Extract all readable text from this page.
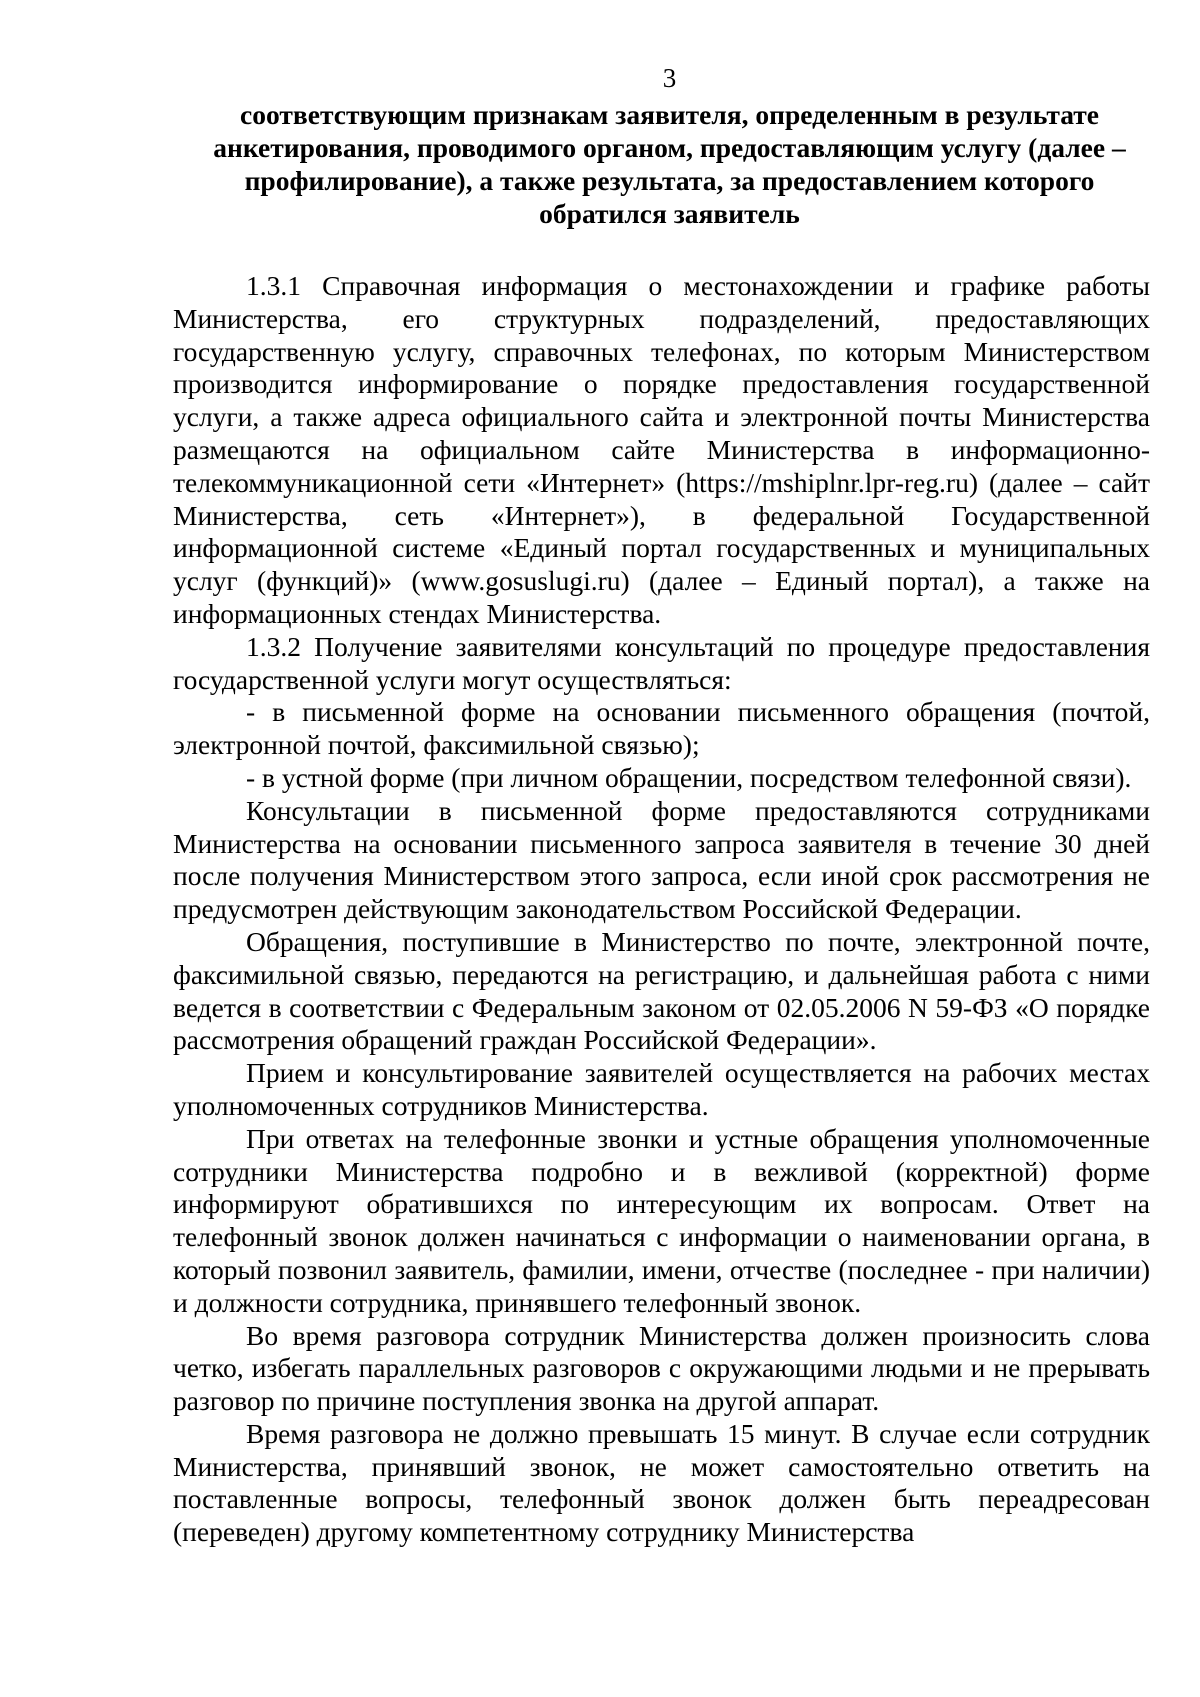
3
соответствующим признакам заявителя, определенным в результате
анкетирования, проводимого органом, предоставляющим услугу (далее –
профилирование), а также результата, за предоставлением которого
обратился заявитель

1.3.1 Справочная информация о местонахождении и графике работы Министерства, его структурных подразделений, предоставляющих государственную услугу, справочных телефонах, по которым Министерством производится информирование о порядке предоставления государственной услуги, а также адреса официального сайта и электронной почты Министерства размещаются на официальном сайте Министерства в информационно-телекоммуникационной сети «Интернет» (https://mshiplnr.lpr-reg.ru) (далее – сайт Министерства, сеть «Интернет»), в федеральной Государственной информационной системе «Единый портал государственных и муниципальных услуг (функций)» (www.gosuslugi.ru) (далее – Единый портал), а также на информационных стендах Министерства.

1.3.2 Получение заявителями консультаций по процедуре предоставления государственной услуги могут осуществляться:

- в письменной форме на основании письменного обращения (почтой, электронной почтой, факсимильной связью);

- в устной форме (при личном обращении, посредством телефонной связи).

Консультации в письменной форме предоставляются сотрудниками Министерства на основании письменного запроса заявителя в течение 30 дней после получения Министерством этого запроса, если иной срок рассмотрения не предусмотрен действующим законодательством Российской Федерации.

Обращения, поступившие в Министерство по почте, электронной почте, факсимильной связью, передаются на регистрацию, и дальнейшая работа с ними ведется в соответствии с Федеральным законом от 02.05.2006 N 59-ФЗ «О порядке рассмотрения обращений граждан Российской Федерации».

Прием и консультирование заявителей осуществляется на рабочих местах уполномоченных сотрудников Министерства.

При ответах на телефонные звонки и устные обращения уполномоченные сотрудники Министерства подробно и в вежливой (корректной) форме информируют обратившихся по интересующим их вопросам. Ответ на телефонный звонок должен начинаться с информации о наименовании органа, в который позвонил заявитель, фамилии, имени, отчестве (последнее - при наличии) и должности сотрудника, принявшего телефонный звонок.

Во время разговора сотрудник Министерства должен произносить слова четко, избегать параллельных разговоров с окружающими людьми и не прерывать разговор по причине поступления звонка на другой аппарат.

Время разговора не должно превышать 15 минут. В случае если сотрудник Министерства, принявший звонок, не может самостоятельно ответить на поставленные вопросы, телефонный звонок должен быть переадресован (переведен) другому компетентному сотруднику Министерства
